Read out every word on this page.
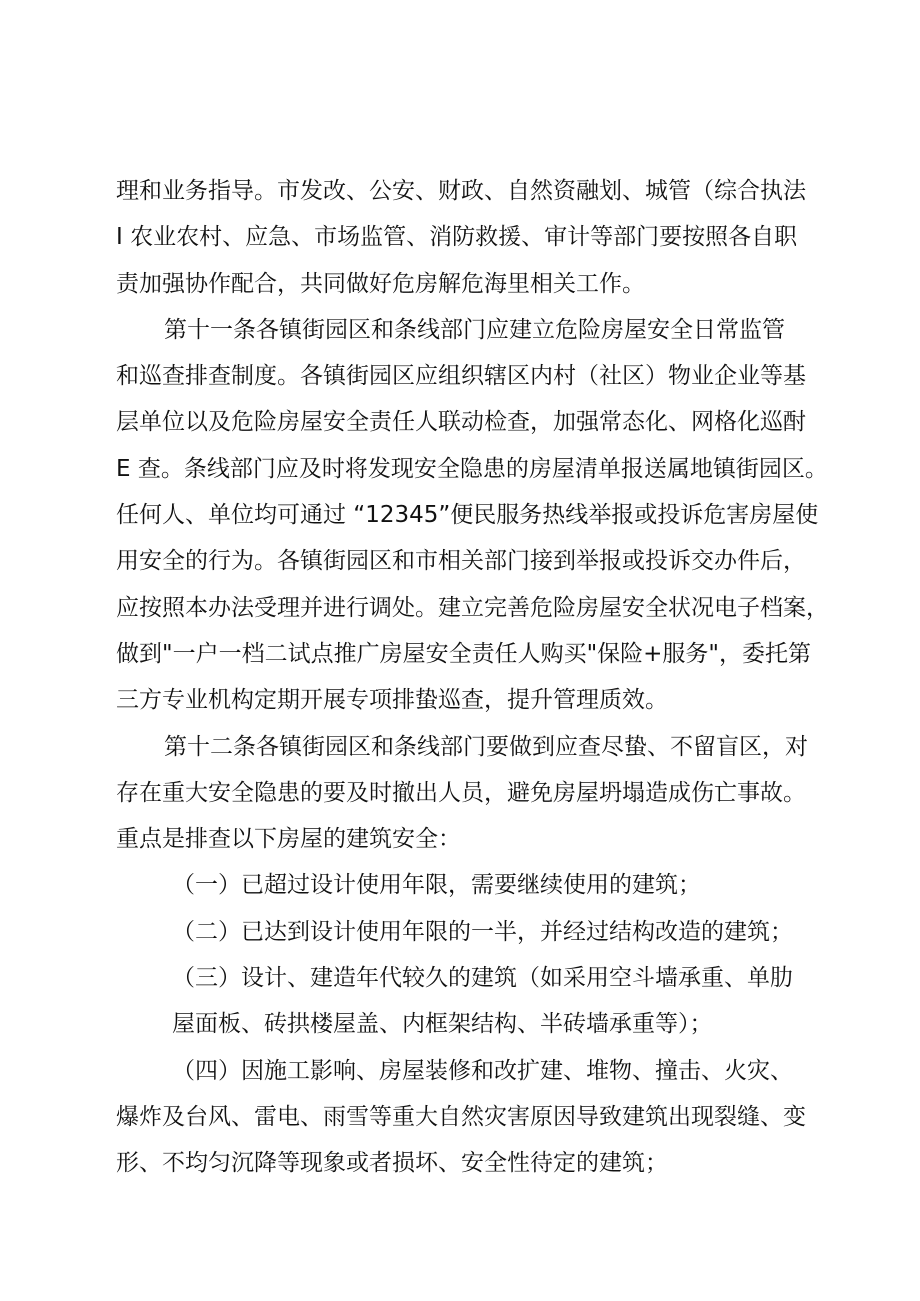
理和业务指导。市发改、公安、财政、自然资融划、城管（综合执法
I 农业农村、应急、市场监管、消防救援、审计等部门要按照各自职
责加强协作配合，共同做好危房解危海里相关工作。
第十一条各镇街园区和条线部门应建立危险房屋安全日常监管
和巡查排查制度。各镇街园区应组织辖区内村（社区）物业企业等基
层单位以及危险房屋安全责任人联动检查，加强常态化、网格化巡酎
E 查。条线部门应及时将发现安全隐患的房屋清单报送属地镇街园区。
任何人、单位均可通过 “12345”便民服务热线举报或投诉危害房屋使
用安全的行为。各镇街园区和市相关部门接到举报或投诉交办件后，
应按照本办法受理并进行调处。建立完善危险房屋安全状况电子档案，
做到"一户一档二试点推广房屋安全责任人购买"保险+服务"，委托第
三方专业机构定期开展专项排蛰巡查，提升管理质效。
第十二条各镇街园区和条线部门要做到应查尽蛰、不留盲区，对
存在重大安全隐患的要及时撤出人员，避免房屋坍塌造成伤亡事故。
重点是排查以下房屋的建筑安全：
（一）已超过设计使用年限，需要继续使用的建筑；
（二）已达到设计使用年限的一半，并经过结构改造的建筑；
（三）设计、建造年代较久的建筑（如采用空斗墙承重、单肋
屋面板、砖拱楼屋盖、内框架结构、半砖墙承重等）；
（四）因施工影响、房屋装修和改扩建、堆物、撞击、火灾、
爆炸及台风、雷电、雨雪等重大自然灾害原因导致建筑出现裂缝、变
形、不均匀沉降等现象或者损坏、安全性待定的建筑；
